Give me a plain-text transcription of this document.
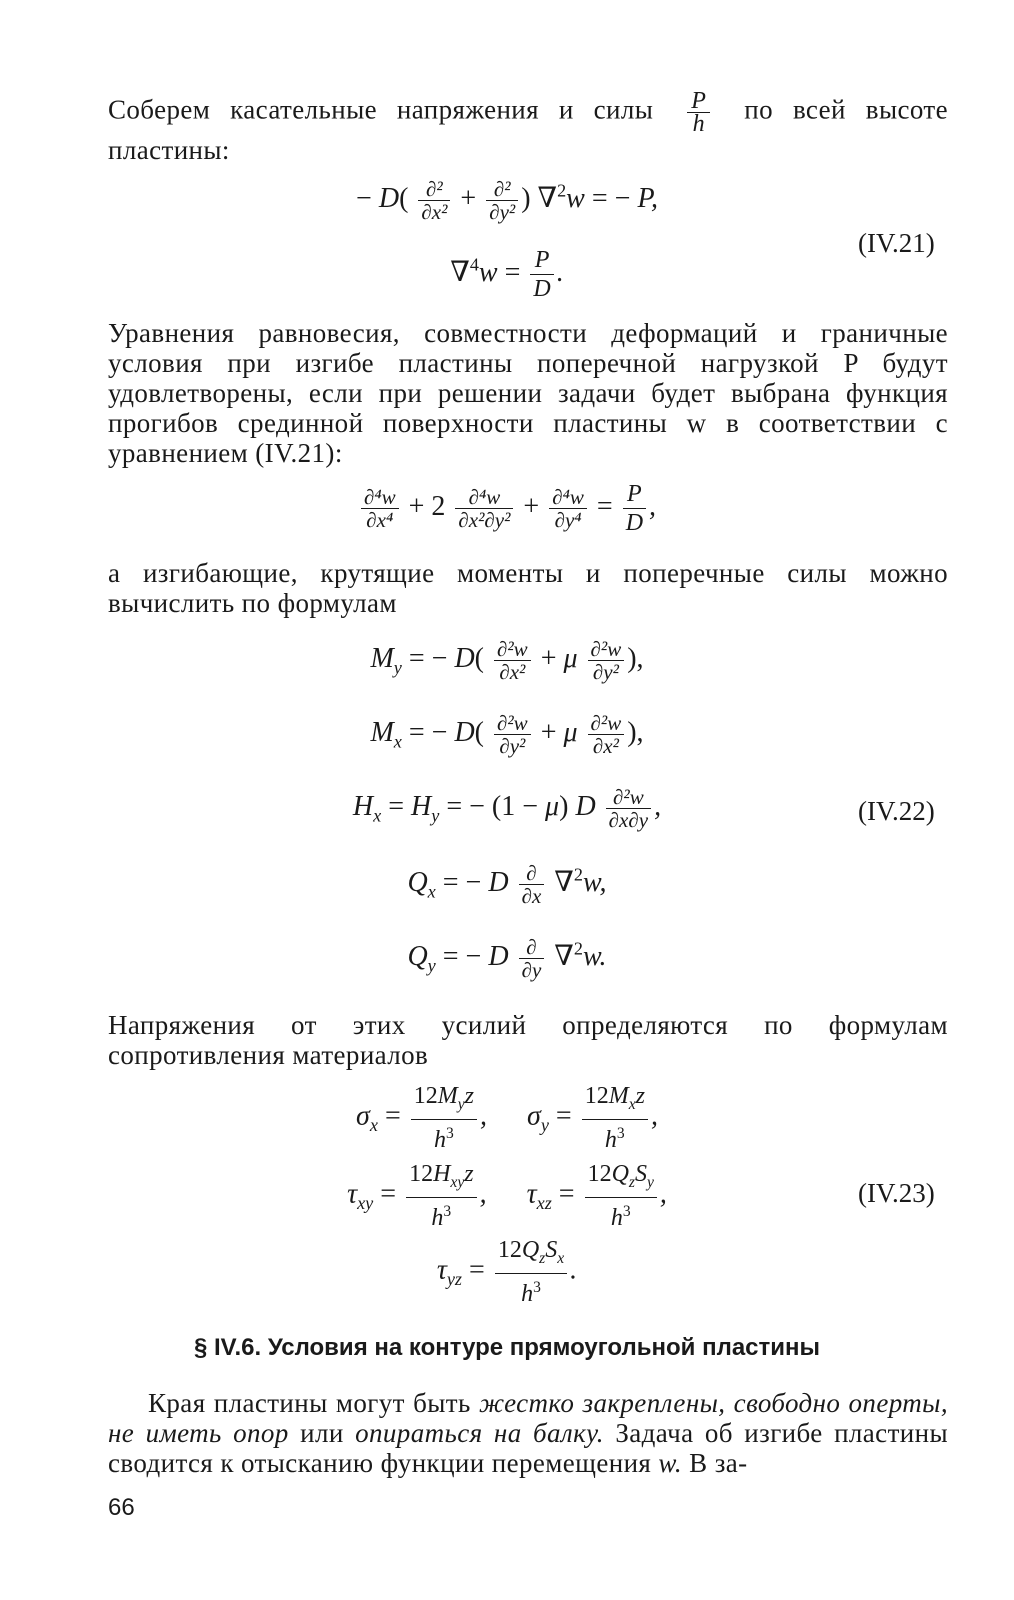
Соберем касательные напряжения и силы $\frac{P}{h}$ по всей высоте пластины:
− D( ∂²
∂x² + ∂²
∂y² ) ∇$^2$w = − P,
$\nabla^4w = \frac{P}{D}$ .
(IV.21)
Уравнения равновесия, совместности деформаций и граничные условия при изгибе пластины поперечной нагрузкой P будут удовлетворены, если при решении задачи будет выбрана функция прогибов срединной поверхности пластины w в соответствии с уравнением (IV.21):
$\frac{\text{∂⁴w}}{\text{∂x⁴}} + 2 \frac{\text{∂⁴w}}{\text{∂x²∂y²}} + \frac{\text{∂⁴w}}{\text{∂y⁴}} = \frac{P}{D}$ ,
а изгибающие, крутящие моменты и поперечные силы можно вычислить по формулам
$M_y$ = − $D( \frac{\text{∂²w}}{\text{∂x²}} + \mu \frac{\text{∂²w}}{\text{∂y²}}$ ),
$M_x$ = − $D( \frac{\text{∂²w}}{\text{∂y²}} + \mu \frac{\text{∂²w}}{\text{∂x²}}$ ),
$H_x = H_y$ = − (1 − μ) D $\frac{\text{∂²w}}{\partial x\partial y}$ ,	(IV.22)
$Q_x$ = − D ∂
∂x ∇$^2$w,
$Q_y$ = − D ∂
∂y ∇$^2$w.
Напряжения от этих усилий определяются по формулам сопротивления материалов
$\sigma_x$ =
$12M_yz$
$h^3$
,  $\sigma_y$ =
$12M_xz$
$h^3$
,
$\tau_{xy}$ =
$12H_{xy}z$
$h^3$
,  $\tau_{xz}$ =
$12Q_zS_y$
$h^3$
,	(IV.23)
$\tau_{yz}$ =
$12Q_zS_x$
$h^3$
.
§ IV.6. Условия на контуре прямоугольной пластины
Края пластины могут быть жестко закреплены, свободно оперты, не иметь опор или опираться на балку. Задача об изгибе пластины сводится к отысканию функции перемещения w. В за-
66
